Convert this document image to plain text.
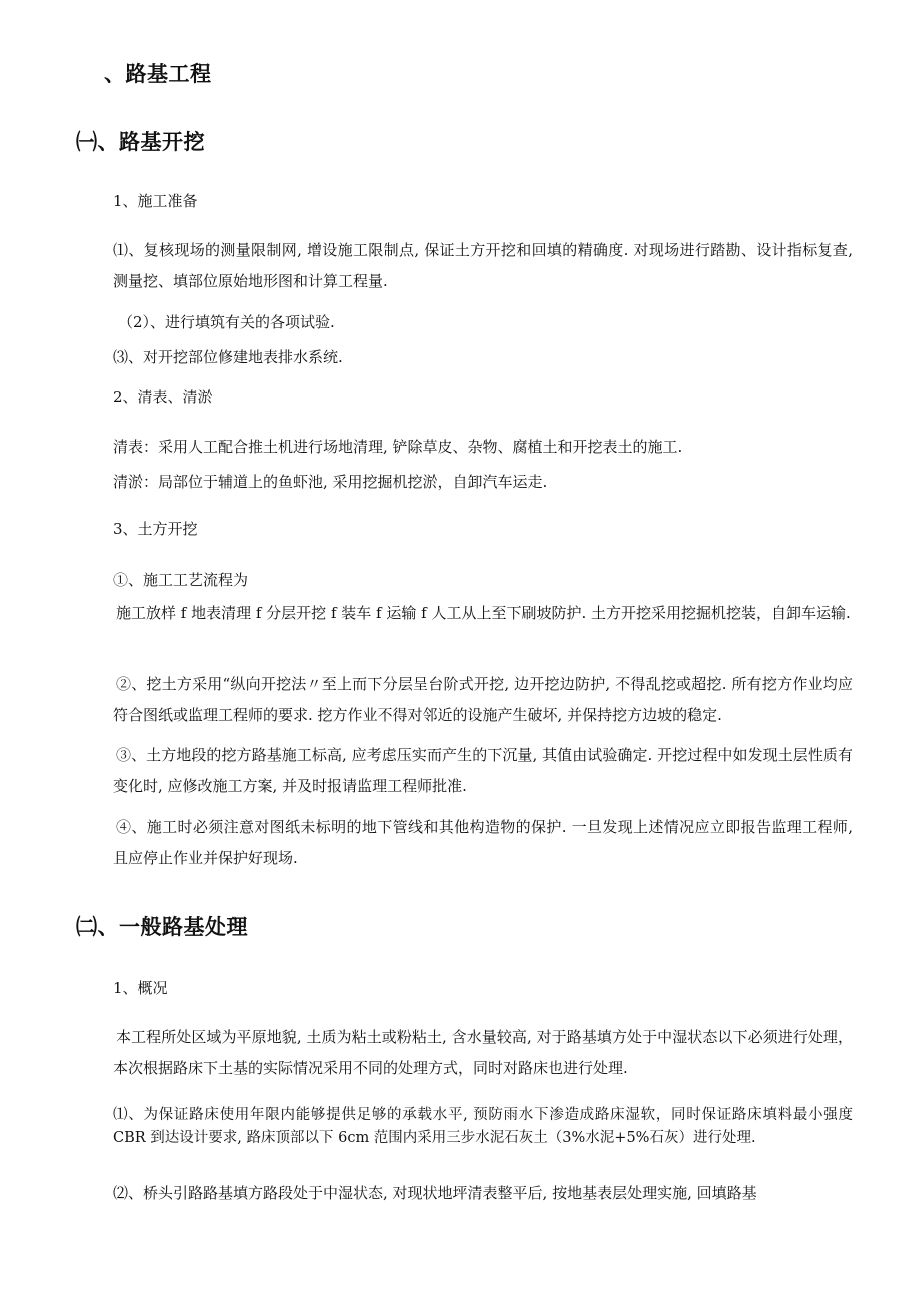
、路基工程
㈠、路基开挖
1、施工准备
⑴、复核现场的测量限制网, 增设施工限制点, 保证土方开挖和回填的精确度. 对现场进行踏勘、设计指标复查, 测量挖、填部位原始地形图和计算工程量.
（2）、进行填筑有关的各项试验.
⑶、对开挖部位修建地表排水系统.
2、清表、清淤
清表：采用人工配合推土机进行场地清理, 铲除草皮、杂物、腐植土和开挖表土的施工.
清淤：局部位于辅道上的鱼虾池, 采用挖掘机挖淤，自卸汽车运走.
3、土方开挖
①、施工工艺流程为
施工放样 f 地表清理 f 分层开挖 f 装车 f 运输 f 人工从上至下刷坡防护. 土方开挖采用挖掘机挖装，自卸车运输.
②、挖土方采用“纵向开挖法〃至上而下分层呈台阶式开挖, 边开挖边防护, 不得乱挖或超挖. 所有挖方作业均应符合图纸或监理工程师的要求. 挖方作业不得对邻近的设施产生破坏, 并保持挖方边坡的稳定.
③、土方地段的挖方路基施工标高, 应考虑压实而产生的下沉量, 其值由试验确定. 开挖过程中如发现土层性质有变化时, 应修改施工方案, 并及时报请监理工程师批准.
④、施工时必须注意对图纸未标明的地下管线和其他构造物的保护. 一旦发现上述情况应立即报告监理工程师, 且应停止作业并保护好现场.
㈡、一般路基处理
1、概况
本工程所处区域为平原地貌, 土质为粘土或粉粘土, 含水量较高, 对于路基填方处于中湿状态以下必须进行处理，本次根据路床下土基的实际情况采用不同的处理方式，同时对路床也进行处理.
⑴、为保证路床使用年限内能够提供足够的承载水平, 预防雨水下渗造成路床湿软，同时保证路床填料最小强度 CBR 到达设计要求, 路床顶部以下 6cm 范围内采用三步水泥石灰土（3%水泥+5%石灰）进行处理.
⑵、桥头引路路基填方路段处于中湿状态, 对现状地坪清表整平后, 按地基表层处理实施, 回填路基
